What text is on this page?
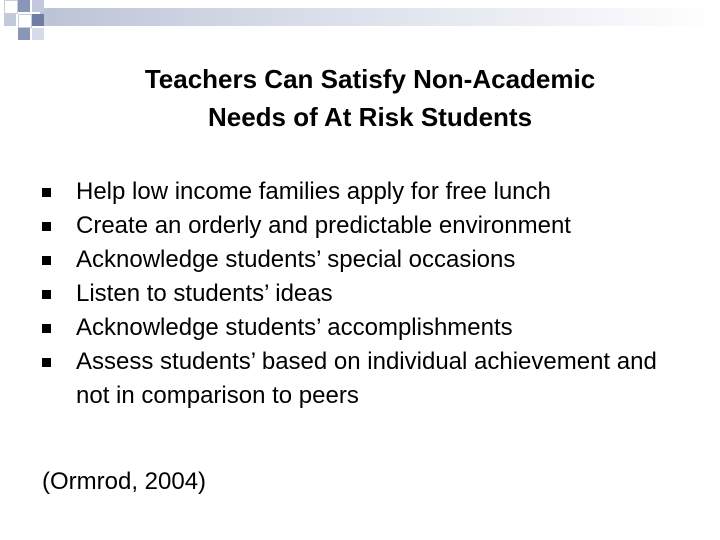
Teachers Can Satisfy Non-Academic
Needs of At Risk Students
Help low income families apply for free lunch
Create an orderly and predictable environment
Acknowledge students’ special occasions
Listen to students’ ideas
Acknowledge students’ accomplishments
Assess students’ based on individual achievement and not in comparison to peers
(Ormrod, 2004)
